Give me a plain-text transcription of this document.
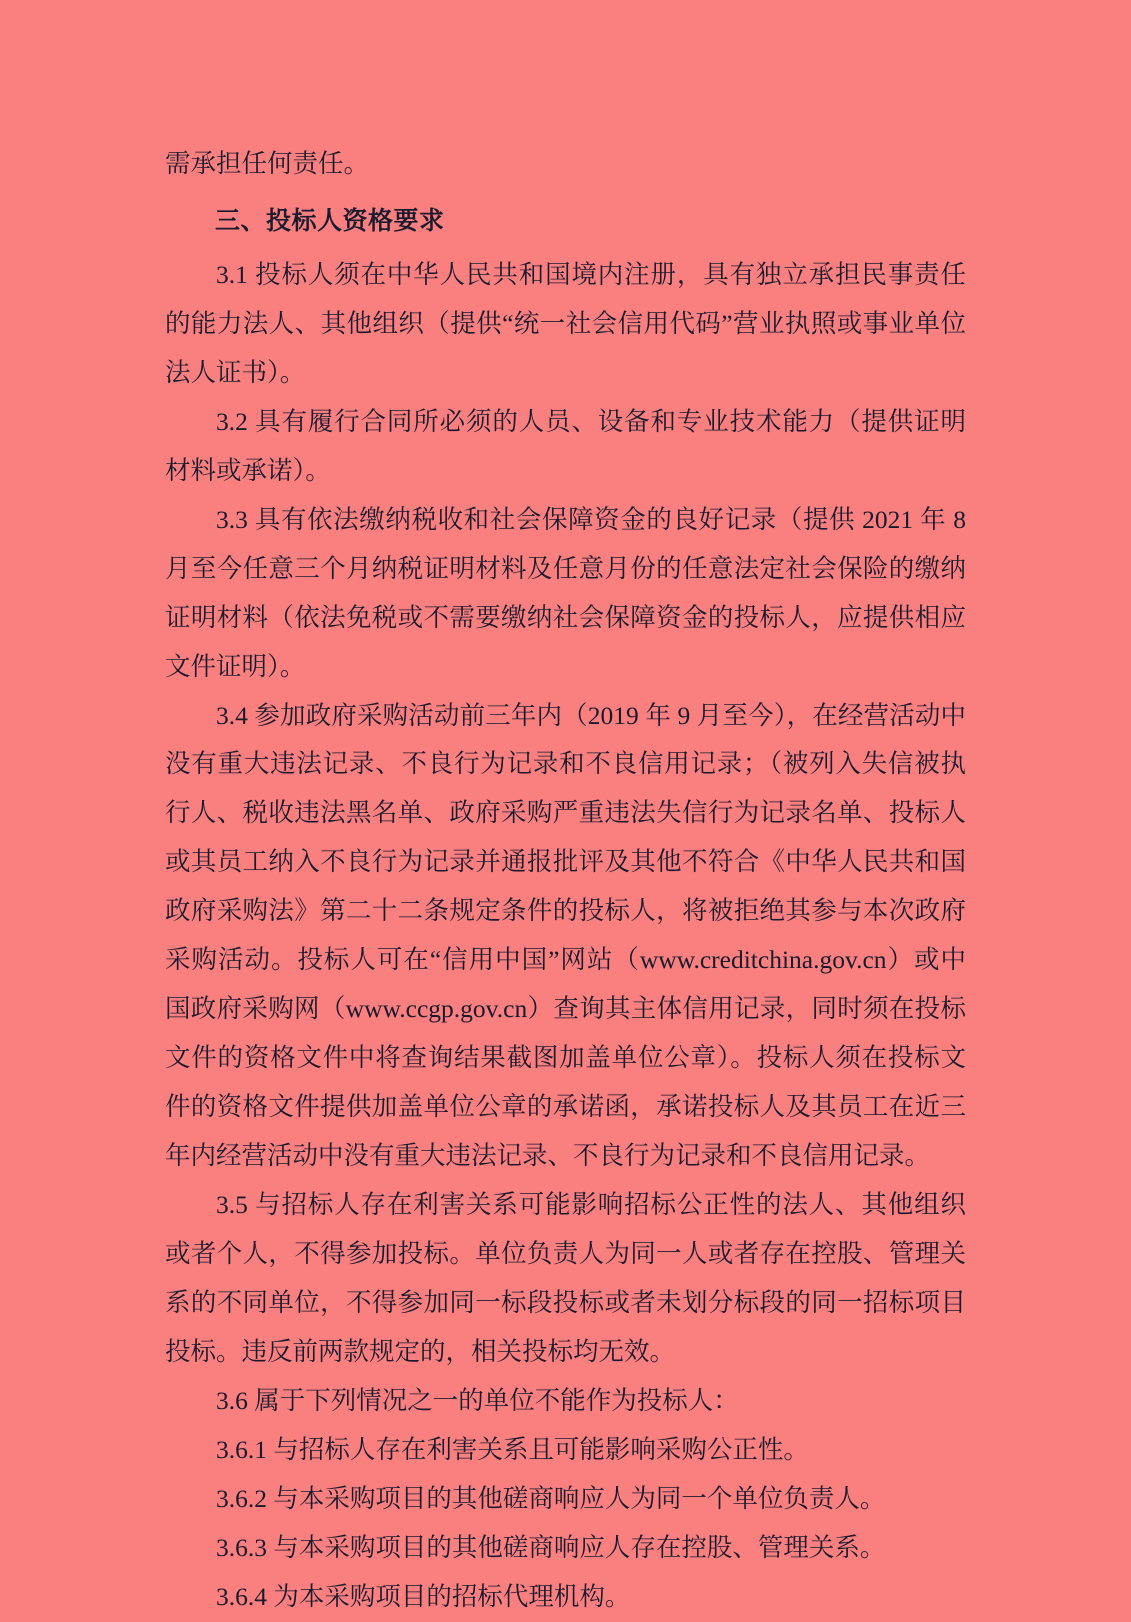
需承担任何责任。

三、投标人资格要求

3.1 投标人须在中华人民共和国境内注册，具有独立承担民事责任的能力法人、其他组织（提供“统一社会信用代码”营业执照或事业单位法人证书）。

3.2 具有履行合同所必须的人员、设备和专业技术能力（提供证明材料或承诺）。

3.3 具有依法缴纳税收和社会保障资金的良好记录（提供 2021 年 8 月至今任意三个月纳税证明材料及任意月份的任意法定社会保险的缴纳证明材料（依法免税或不需要缴纳社会保障资金的投标人，应提供相应文件证明）。

3.4 参加政府采购活动前三年内（2019 年 9 月至今），在经营活动中没有重大违法记录、不良行为记录和不良信用记录；（被列入失信被执行人、税收违法黑名单、政府采购严重违法失信行为记录名单、投标人或其员工纳入不良行为记录并通报批评及其他不符合《中华人民共和国政府采购法》第二十二条规定条件的投标人，将被拒绝其参与本次政府采购活动。投标人可在“信用中国”网站（www.creditchina.gov.cn）或中国政府采购网（www.ccgp.gov.cn）查询其主体信用记录，同时须在投标文件的资格文件中将查询结果截图加盖单位公章）。投标人须在投标文件的资格文件提供加盖单位公章的承诺函，承诺投标人及其员工在近三年内经营活动中没有重大违法记录、不良行为记录和不良信用记录。

3.5 与招标人存在利害关系可能影响招标公正性的法人、其他组织或者个人，不得参加投标。单位负责人为同一人或者存在控股、管理关系的不同单位，不得参加同一标段投标或者未划分标段的同一招标项目投标。违反前两款规定的，相关投标均无效。

3.6 属于下列情况之一的单位不能作为投标人：

3.6.1 与招标人存在利害关系且可能影响采购公正性。

3.6.2 与本采购项目的其他磋商响应人为同一个单位负责人。

3.6.3 与本采购项目的其他磋商响应人存在控股、管理关系。

3.6.4 为本采购项目的招标代理机构。
